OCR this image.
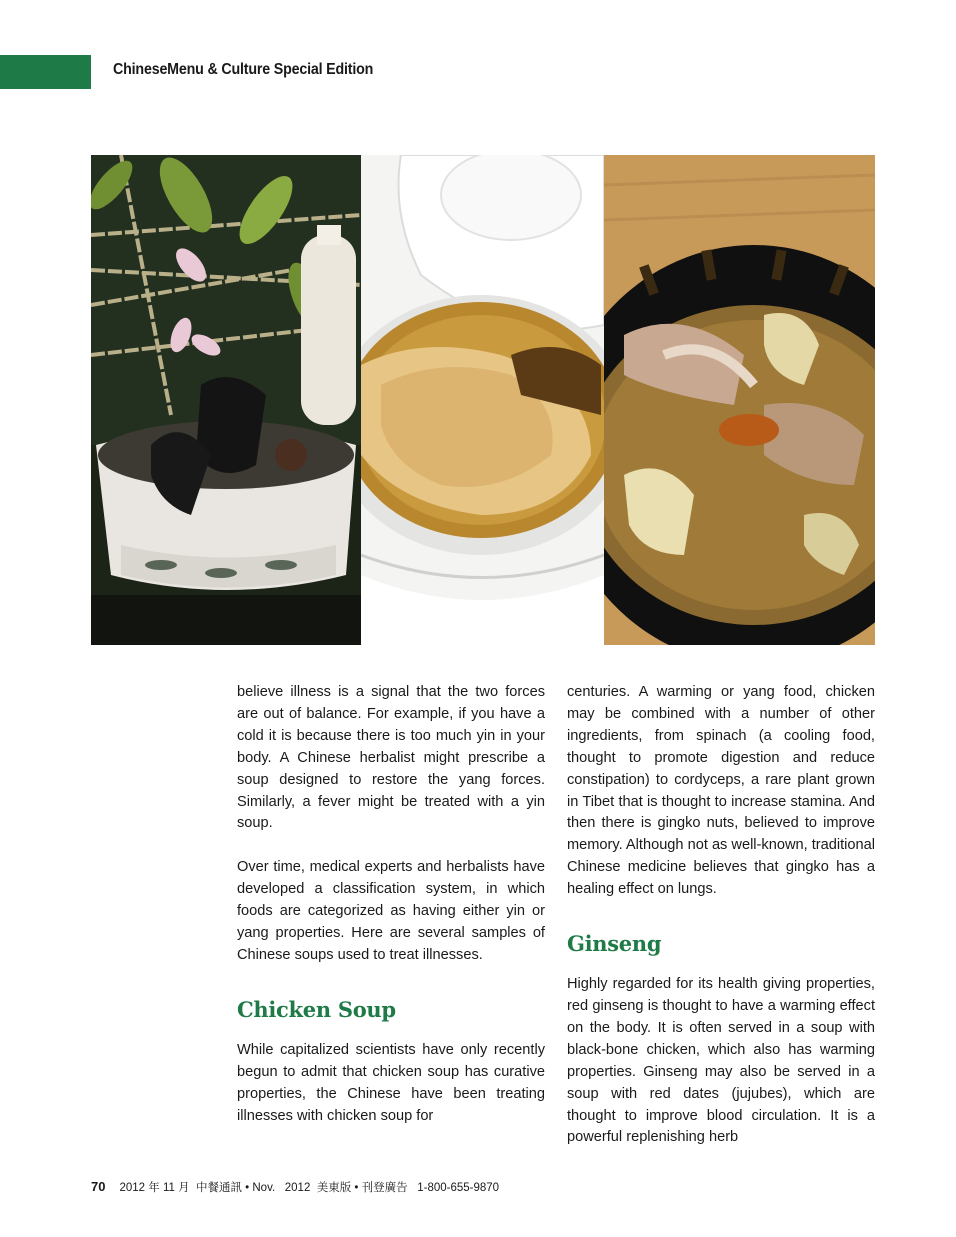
ChineseMenu & Culture Special Edition

believe illness is a signal that the two forces are out of balance. For example, if you have a cold it is because there is too much yin in your body. A Chinese herbalist might prescribe a soup designed to restore the yang forces. Similarly, a fever might be treated with a yin soup.

Over time, medical experts and herbalists have developed a classification system, in which foods are categorized as having either yin or yang properties. Here are several samples of Chinese soups used to treat illnesses.

Chicken Soup

While capitalized scientists have only recently begun to admit that chicken soup has curative properties, the Chinese have been treating illnesses with chicken soup for

centuries. A warming or yang food, chicken may be combined with a number of other ingredients, from spinach (a cooling food, thought to promote digestion and reduce constipation) to cordyceps, a rare plant grown in Tibet that is thought to increase stamina. And then there is gingko nuts, believed to improve memory. Although not as well-known, traditional Chinese medicine believes that gingko has a healing effect on lungs.

Ginseng

Highly regarded for its health giving properties, red ginseng is thought to have a warming effect on the body. It is often served in a soup with black-bone chicken, which also has warming properties. Ginseng may also be served in a soup with red dates (jujubes), which are thought to improve blood circulation. It is a powerful replenishing herb

70 2012 年 11 月  中餐通訊 • Nov.   2012  美東版 • 刊登廣告   1-800-655-9870
